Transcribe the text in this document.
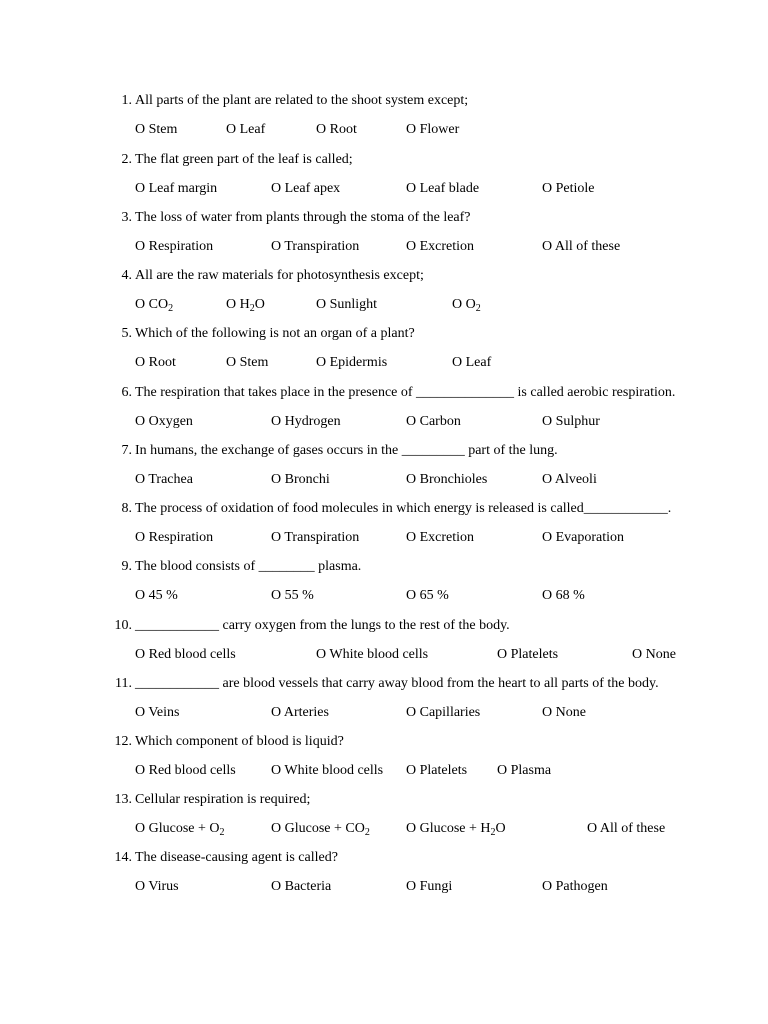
1. All parts of the plant are related to the shoot system except;
O Stem	O Leaf	O Root	O Flower
2. The flat green part of the leaf is called;
O Leaf margin	O Leaf apex	O Leaf blade	O Petiole
3. The loss of water from plants through the stoma of the leaf?
O Respiration	O Transpiration	O Excretion	O All of these
4. All are the raw materials for photosynthesis except;
O $CO_2$	O $H_2O$	O Sunlight	O $O_2$
5. Which of the following is not an organ of a plant?
O Root	O Stem	O Epidermis	O Leaf
6. The respiration that takes place in the presence of ______________ is called aerobic respiration.
O Oxygen	O Hydrogen	O Carbon	O Sulphur
7. In humans, the exchange of gases occurs in the _________ part of the lung.
O Trachea	O Bronchi	O Bronchioles	O Alveoli
8. The process of oxidation of food molecules in which energy is released is called____________.
O Respiration	O Transpiration	O Excretion	O Evaporation
9. The blood consists of ________ plasma.
O 45 %	O 55 %	O 65 %	O 68 %
10. ____________ carry oxygen from the lungs to the rest of the body.
O Red blood cells	O White blood cells	O Platelets	O None
11. ____________ are blood vessels that carry away blood from the heart to all parts of the body.
O Veins	O Arteries	O Capillaries	O None
12. Which component of blood is liquid?
O Red blood cells	O White blood cells O Platelets O Plasma
13. Cellular respiration is required;
O $Glucose + O_2$	O $Glucose + CO_2$	O $Glucose + H_2O$	O All of these
14. The disease-causing agent is called?
O Virus	O Bacteria	O Fungi	O Pathogen
